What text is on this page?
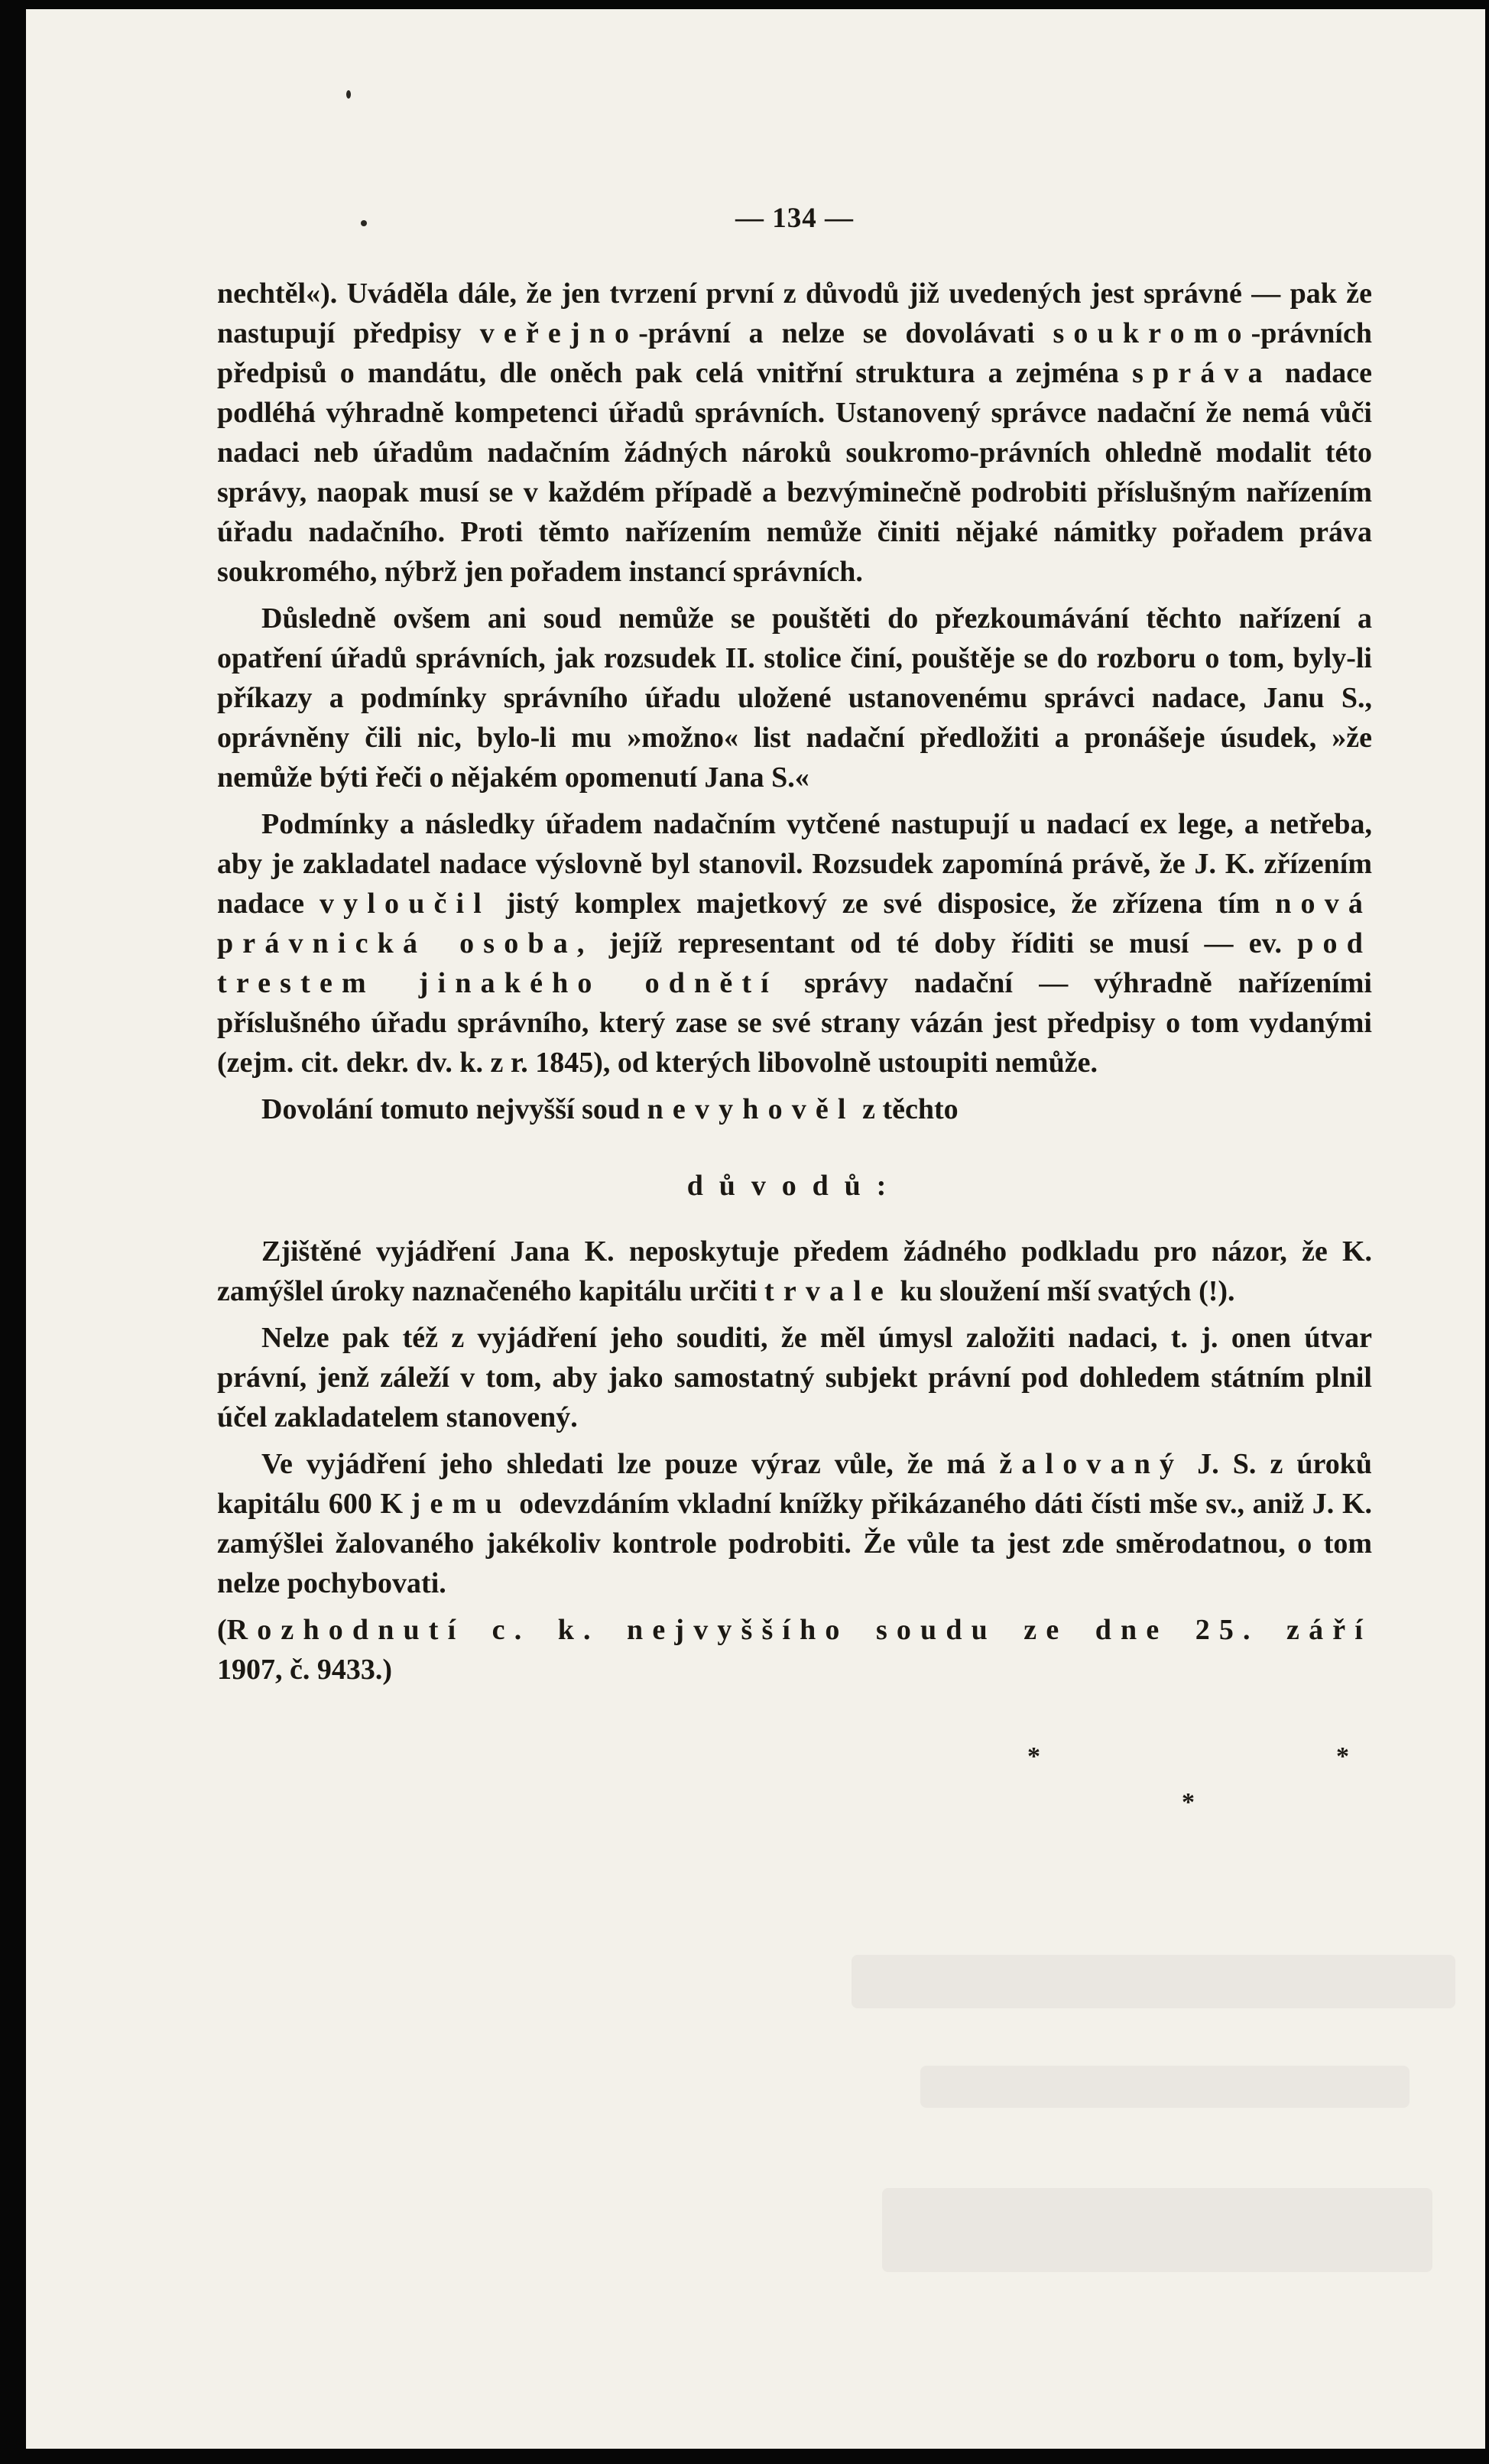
— 134 —

nechtěl«). Uváděla dále, že jen tvrzení první z důvodů již uvedených jest správné — pak že nastupují předpisy veřejno-právní a nelze se dovolávati soukromo-právních předpisů o mandátu, dle oněch pak celá vnitřní struktura a zejména správa nadace podléhá výhradně kompetenci úřadů správních. Ustanovený správce nadační že nemá vůči nadaci neb úřadům nadačním žádných nároků soukromo-právních ohledně modalit této správy, naopak musí se v každém případě a bezvýminečně podrobiti příslušným nařízením úřadu nadačního. Proti těmto nařízením nemůže činiti nějaké námitky pořadem práva soukromého, nýbrž jen pořadem instancí správních.

Důsledně ovšem ani soud nemůže se pouštěti do přezkoumávání těchto nařízení a opatření úřadů správních, jak rozsudek II. stolice činí, pouštěje se do rozboru o tom, byly-li příkazy a podmínky správního úřadu uložené ustanovenému správci nadace, Janu S., oprávněny čili nic, bylo-li mu »možno« list nadační předložiti a pronášeje úsudek, »že nemůže býti řeči o nějakém opomenutí Jana S.«

Podmínky a následky úřadem nadačním vytčené nastupují u nadací ex lege, a netřeba, aby je zakladatel nadace výslovně byl stanovil. Rozsudek zapomíná právě, že J. K. zřízením nadace vyloučil jistý komplex majetkový ze své disposice, že zřízena tím nová právnická osoba, jejíž representant od té doby říditi se musí — ev. pod trestem jinakého odnětí správy nadační — výhradně nařízeními příslušného úřadu správního, který zase se své strany vázán jest předpisy o tom vydanými (zejm. cit. dekr. dv. k. z r. 1845), od kterých libovolně ustoupiti nemůže.

Dovolání tomuto nejvyšší soud nevyhověl z těchto

důvodů:

Zjištěné vyjádření Jana K. neposkytuje předem žádného podkladu pro názor, že K. zamýšlel úroky naznačeného kapitálu určiti trvale ku sloužení mší svatých (!).

Nelze pak též z vyjádření jeho souditi, že měl úmysl založiti nadaci, t. j. onen útvar právní, jenž záleží v tom, aby jako samostatný subjekt právní pod dohledem státním plnil účel zakladatelem stanovený.

Ve vyjádření jeho shledati lze pouze výraz vůle, že má žalovaný J. S. z úroků kapitálu 600 K jemu odevzdáním vkladní knížky přikázaného dáti čísti mše sv., aniž J. K. zamýšlei žalovaného jakékoliv kontrole podrobiti. Že vůle ta jest zde směrodatnou, o tom nelze pochybovati.

(Rozhodnutí c. k. nejvyššího soudu ze dne 25. září 1907, č. 9433.)

*	*
*
